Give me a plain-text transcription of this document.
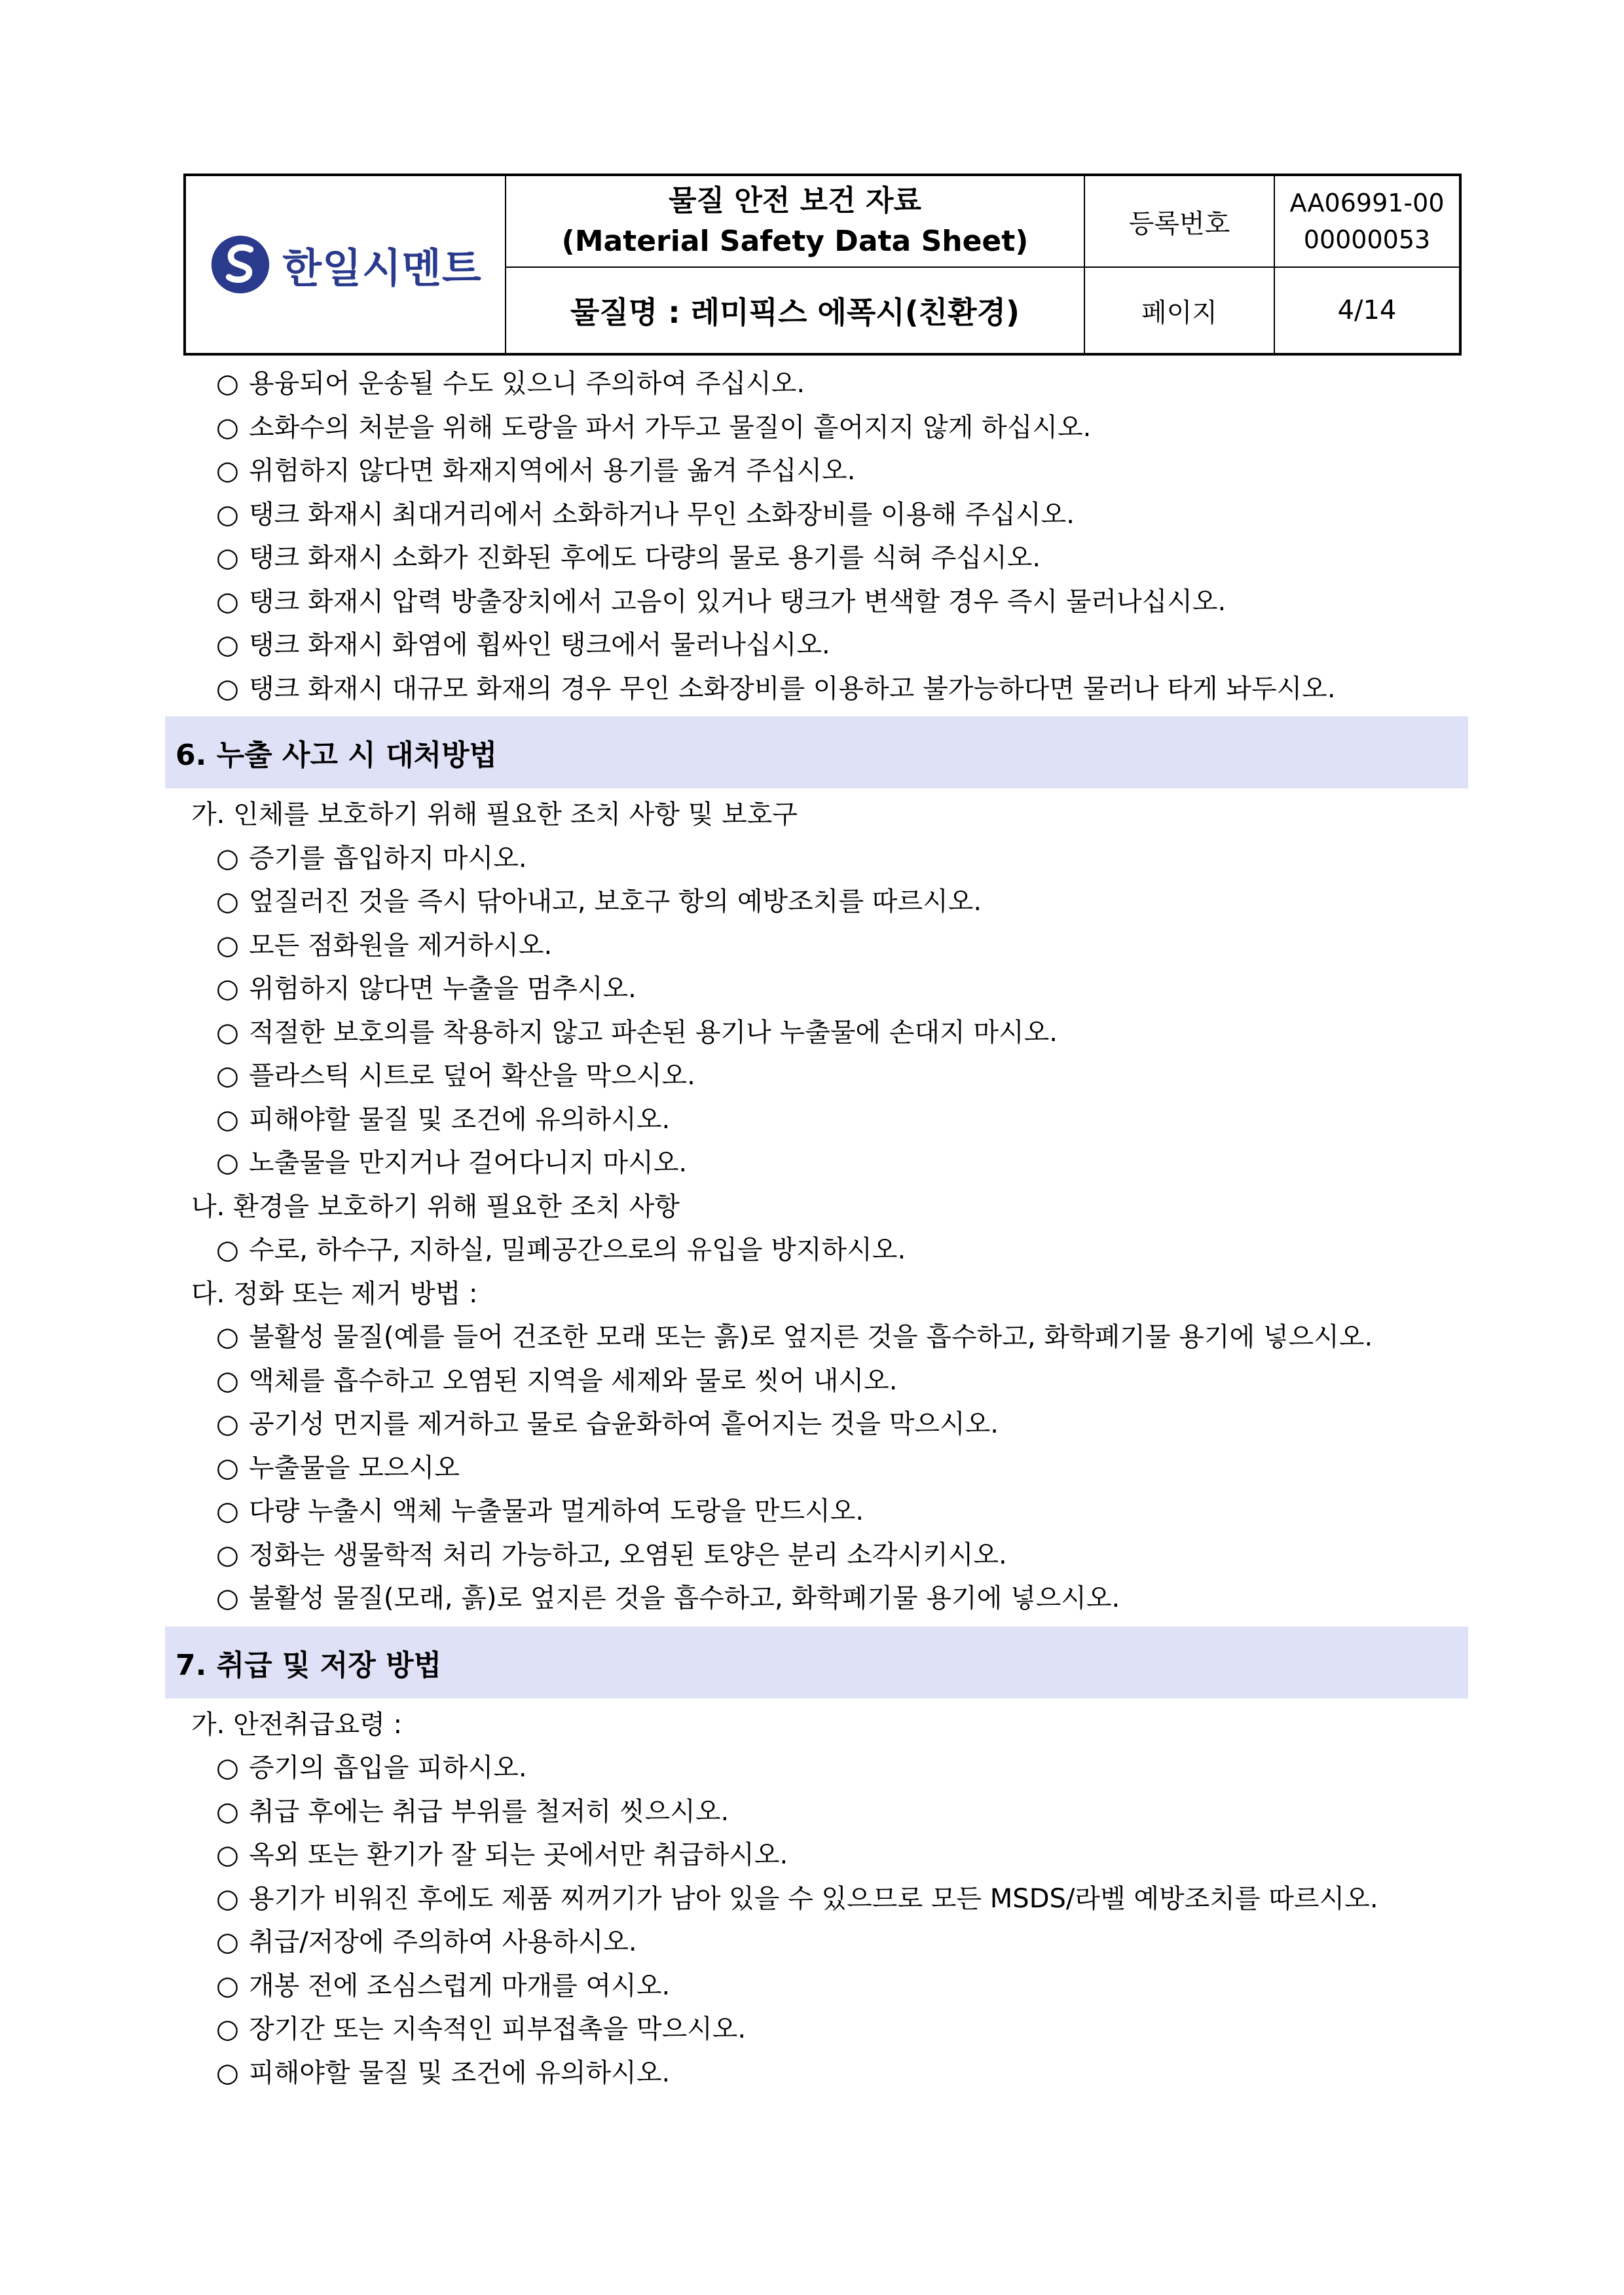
한일시멘트
물질 안전 보건 자료
(Material Safety Data Sheet)
등록번호
AA06991-00
00000053
물질명 : 레미픽스 에폭시(친환경)	페이지	4/14
○ 용융되어 운송될 수도 있으니 주의하여 주십시오.
○ 소화수의 처분을 위해 도랑을 파서 가두고 물질이 흩어지지 않게 하십시오.
○ 위험하지 않다면 화재지역에서 용기를 옮겨 주십시오.
○ 탱크 화재시 최대거리에서 소화하거나 무인 소화장비를 이용해 주십시오.
○ 탱크 화재시 소화가 진화된 후에도 다량의 물로 용기를 식혀 주십시오.
○ 탱크 화재시 압력 방출장치에서 고음이 있거나 탱크가 변색할 경우 즉시 물러나십시오.
○ 탱크 화재시 화염에 휩싸인 탱크에서 물러나십시오.
○ 탱크 화재시 대규모 화재의 경우 무인 소화장비를 이용하고 불가능하다면 물러나 타게 놔두시오.
6. 누출 사고 시 대처방법
가. 인체를 보호하기 위해 필요한 조치 사항 및 보호구
○ 증기를 흡입하지 마시오.
○ 엎질러진 것을 즉시 닦아내고, 보호구 항의 예방조치를 따르시오.
○ 모든 점화원을 제거하시오.
○ 위험하지 않다면 누출을 멈추시오.
○ 적절한 보호의를 착용하지 않고 파손된 용기나 누출물에 손대지 마시오.
○ 플라스틱 시트로 덮어 확산을 막으시오.
○ 피해야할 물질 및 조건에 유의하시오.
○ 노출물을 만지거나 걸어다니지 마시오.
나. 환경을 보호하기 위해 필요한 조치 사항
○ 수로, 하수구, 지하실, 밀폐공간으로의 유입을 방지하시오.
다. 정화 또는 제거 방법 :
○ 불활성 물질(예를 들어 건조한 모래 또는 흙)로 엎지른 것을 흡수하고, 화학폐기물 용기에 넣으시오.
○ 액체를 흡수하고 오염된 지역을 세제와 물로 씻어 내시오.
○ 공기성 먼지를 제거하고 물로 습윤화하여 흩어지는 것을 막으시오.
○ 누출물을 모으시오
○ 다량 누출시 액체 누출물과 멀게하여 도랑을 만드시오.
○ 정화는 생물학적 처리 가능하고, 오염된 토양은 분리 소각시키시오.
○ 불활성 물질(모래, 흙)로 엎지른 것을 흡수하고, 화학폐기물 용기에 넣으시오.
7. 취급 및 저장 방법
가. 안전취급요령 :
○ 증기의 흡입을 피하시오.
○ 취급 후에는 취급 부위를 철저히 씻으시오.
○ 옥외 또는 환기가 잘 되는 곳에서만 취급하시오.
○ 용기가 비워진 후에도 제품 찌꺼기가 남아 있을 수 있으므로 모든 MSDS/라벨 예방조치를 따르시오.
○ 취급/저장에 주의하여 사용하시오.
○ 개봉 전에 조심스럽게 마개를 여시오.
○ 장기간 또는 지속적인 피부접촉을 막으시오.
○ 피해야할 물질 및 조건에 유의하시오.
